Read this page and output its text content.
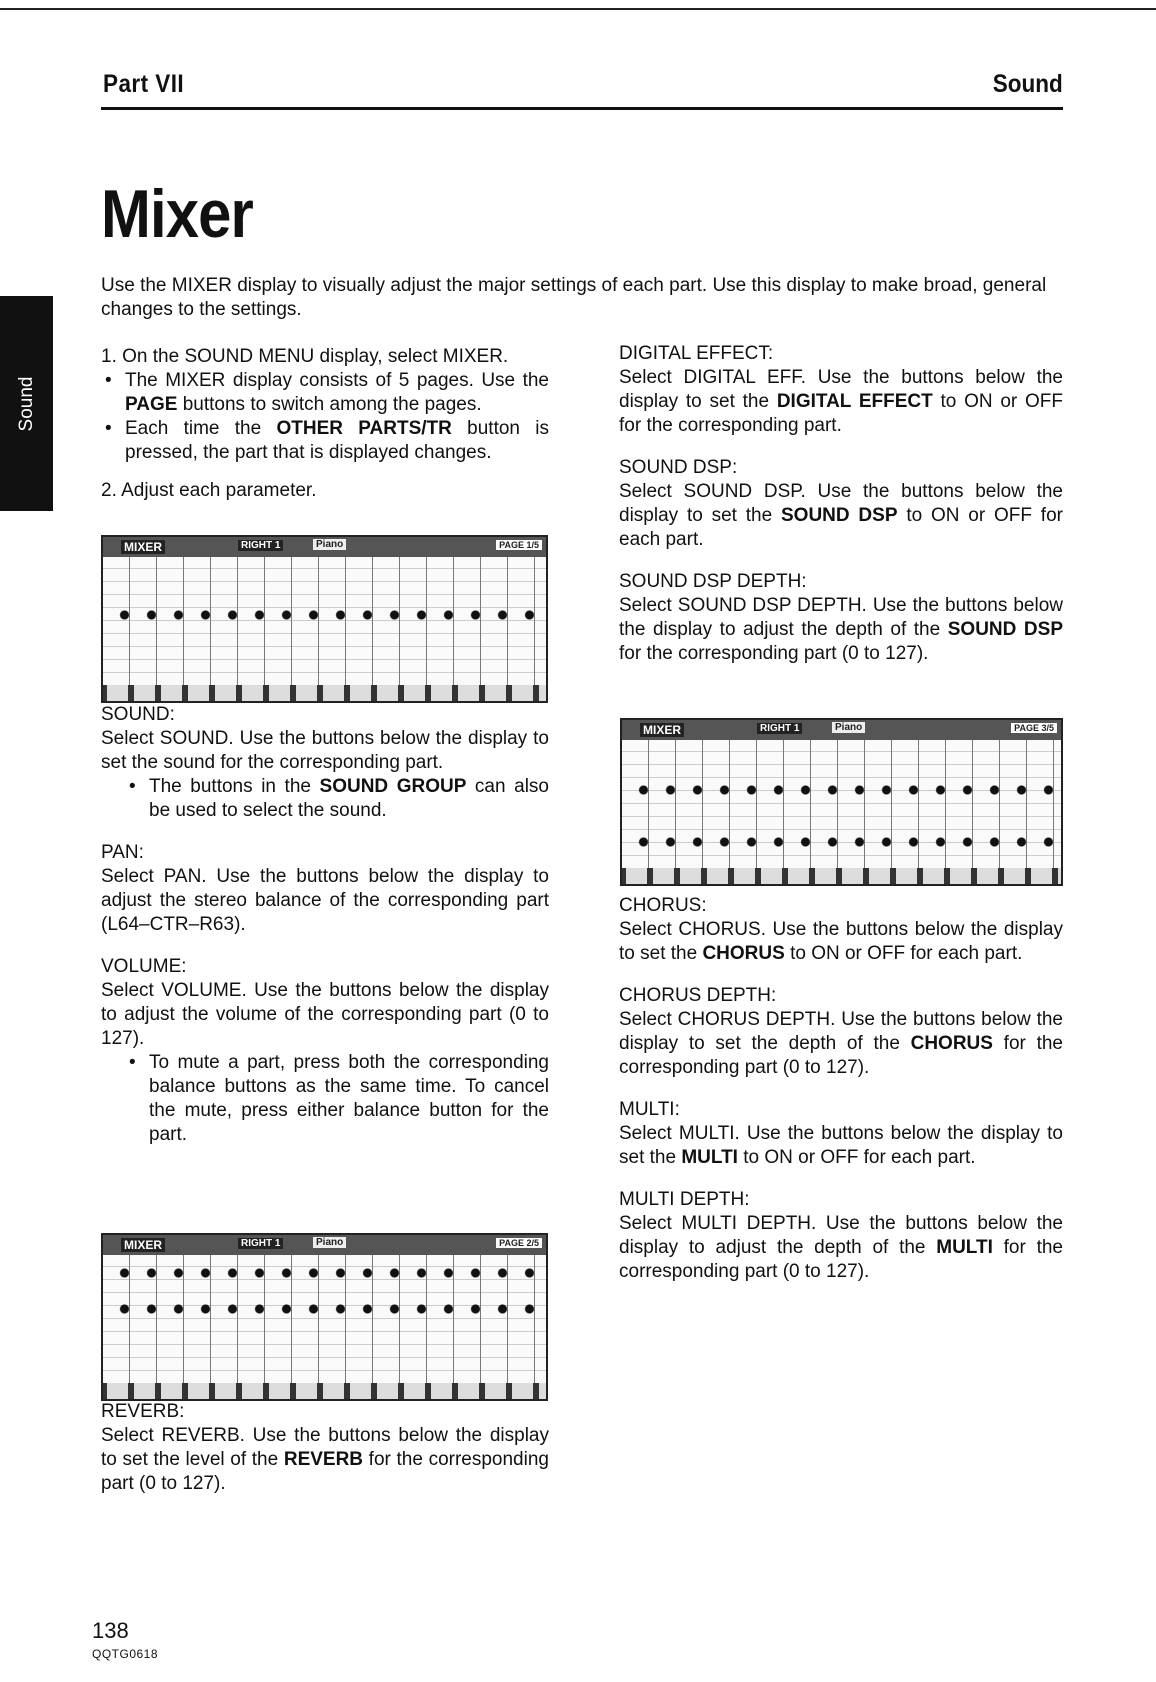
Part VII	Sound
Mixer
Sound
Use the MIXER display to visually adjust the major settings of each part. Use this display to make broad, general changes to the settings.

1. On the SOUND MENU display, select MIXER.

• The MIXER display consists of 5 pages. Use the PAGE buttons to switch among the pages.
• Each time the OTHER PARTS/TR button is pressed, the part that is displayed changes.

2. Adjust each parameter.

SOUND:

Select SOUND. Use the buttons below the display to set the sound for the corresponding part.

• The buttons in the SOUND GROUP can also be used to select the sound.

PAN:

Select PAN. Use the buttons below the display to adjust the stereo balance of the corresponding part (L64–CTR–R63).

VOLUME:

Select VOLUME. Use the buttons below the display to adjust the volume of the corresponding part (0 to 127).

• To mute a part, press both the corresponding balance buttons as the same time. To cancel the mute, press either balance button for the part.

REVERB:

Select REVERB. Use the buttons below the display to set the level of the REVERB for the corresponding part (0 to 127).

DIGITAL EFFECT:

Select DIGITAL EFF. Use the buttons below the display to set the DIGITAL EFFECT to ON or OFF for the corresponding part.

SOUND DSP:

Select SOUND DSP. Use the buttons below the display to set the SOUND DSP to ON or OFF for each part.

SOUND DSP DEPTH:

Select SOUND DSP DEPTH. Use the buttons below the display to adjust the depth of the SOUND DSP for the corresponding part (0 to 127).

CHORUS:

Select CHORUS. Use the buttons below the display to set the CHORUS to ON or OFF for each part.

CHORUS DEPTH:

Select CHORUS DEPTH. Use the buttons below the display to set the depth of the CHORUS for the corresponding part (0 to 127).

MULTI:

Select MULTI. Use the buttons below the display to set the MULTI to ON or OFF for each part.

MULTI DEPTH:

Select MULTI DEPTH. Use the buttons below the display to adjust the depth of the MULTI for the corresponding part (0 to 127).

MIXER	RIGHT 1	Piano	PAGE 1/5
MIXER	RIGHT 1	Piano	PAGE 3/5
MIXER	RIGHT 1	Piano	PAGE 2/5
138
QQTG0618
